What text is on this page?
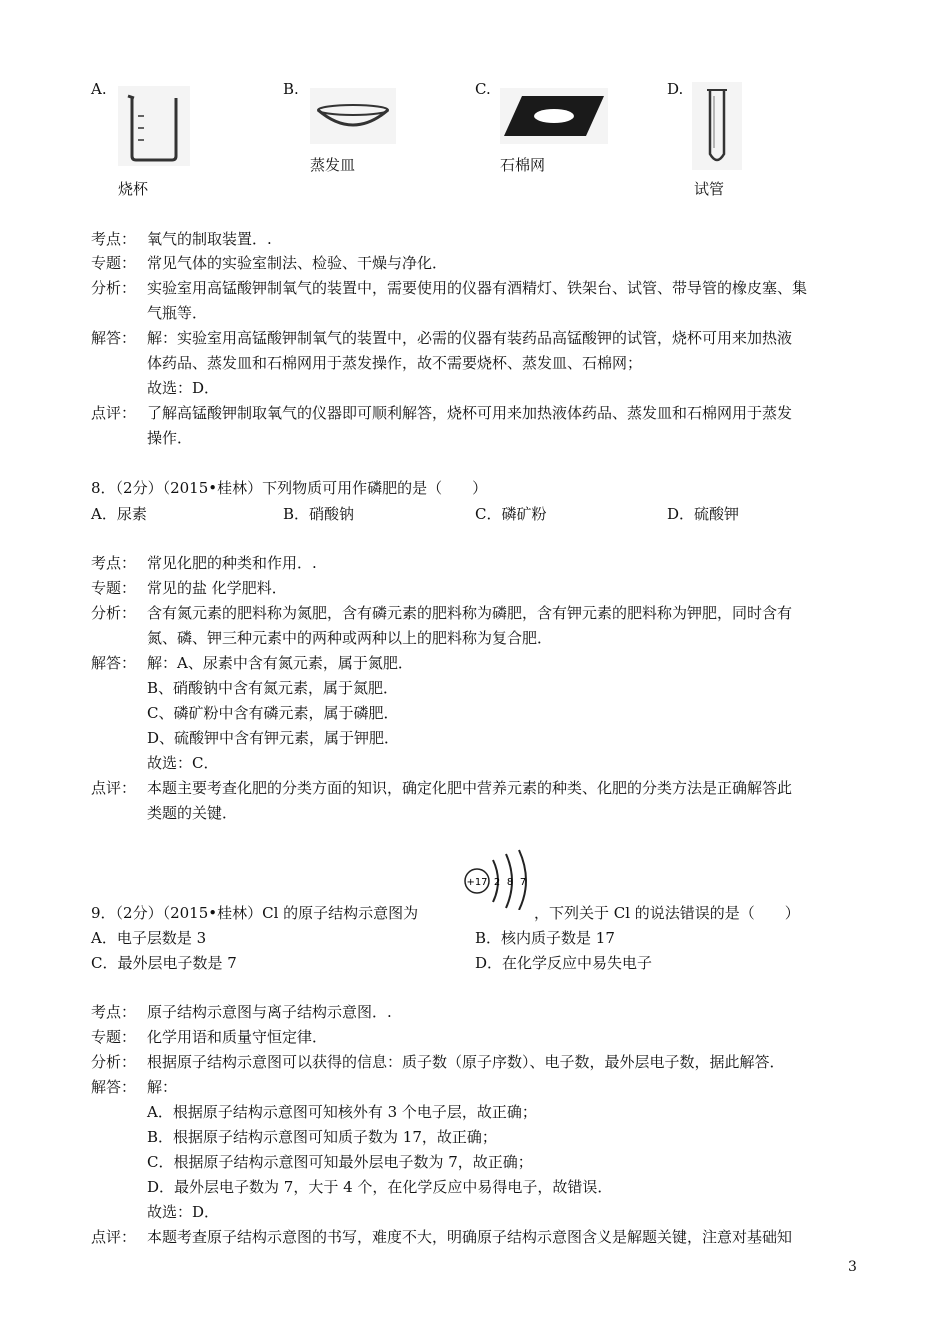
A.
烧杯
B.
蒸发皿
C.
石棉网
D.
试管
考点： 氧气的制取装置．.
专题： 常见气体的实验室制法、检验、干燥与净化．
分析： 实验室用高锰酸钾制氧气的装置中，需要使用的仪器有酒精灯、铁架台、试管、带导管的橡皮塞、集
气瓶等．
解答： 解：实验室用高锰酸钾制氧气的装置中，必需的仪器有装药品高锰酸钾的试管，烧杯可用来加热液
体药品、蒸发皿和石棉网用于蒸发操作，故不需要烧杯、蒸发皿、石棉网；
故选：D．
点评： 了解高锰酸钾制取氧气的仪器即可顺利解答，烧杯可用来加热液体药品、蒸发皿和石棉网用于蒸发
操作．
8．（2分）（2015•桂林）下列物质可用作磷肥的是（　　）
A．尿素	B．硝酸钠	C．磷矿粉	D．硫酸钾
考点： 常见化肥的种类和作用．.
专题： 常见的盐 化学肥料．
分析： 含有氮元素的肥料称为氮肥，含有磷元素的肥料称为磷肥，含有钾元素的肥料称为钾肥，同时含有
氮、磷、钾三种元素中的两种或两种以上的肥料称为复合肥．
解答： 解：A、尿素中含有氮元素，属于氮肥．
B、硝酸钠中含有氮元素，属于氮肥．
C、磷矿粉中含有磷元素，属于磷肥．
D、硫酸钾中含有钾元素，属于钾肥．
故选：C．
点评： 本题主要考查化肥的分类方面的知识，确定化肥中营养元素的种类、化肥的分类方法是正确解答此
类题的关键．
+17 2 8 7
9．（2分）（2015•桂林）Cl 的原子结构示意图为	，下列关于 Cl 的说法错误的是（　　）
A．电子层数是 3	B．核内质子数是 17
C．最外层电子数是 7	D．在化学反应中易失电子
考点： 原子结构示意图与离子结构示意图．.
专题： 化学用语和质量守恒定律．
分析： 根据原子结构示意图可以获得的信息：质子数（原子序数）、电子数，最外层电子数，据此解答．
解答： 解：
A．根据原子结构示意图可知核外有 3 个电子层，故正确；
B．根据原子结构示意图可知质子数为 17，故正确；
C．根据原子结构示意图可知最外层电子数为 7，故正确；
D．最外层电子数为 7，大于 4 个，在化学反应中易得电子，故错误．
故选：D．
点评： 本题考查原子结构示意图的书写，难度不大，明确原子结构示意图含义是解题关键，注意对基础知
3
